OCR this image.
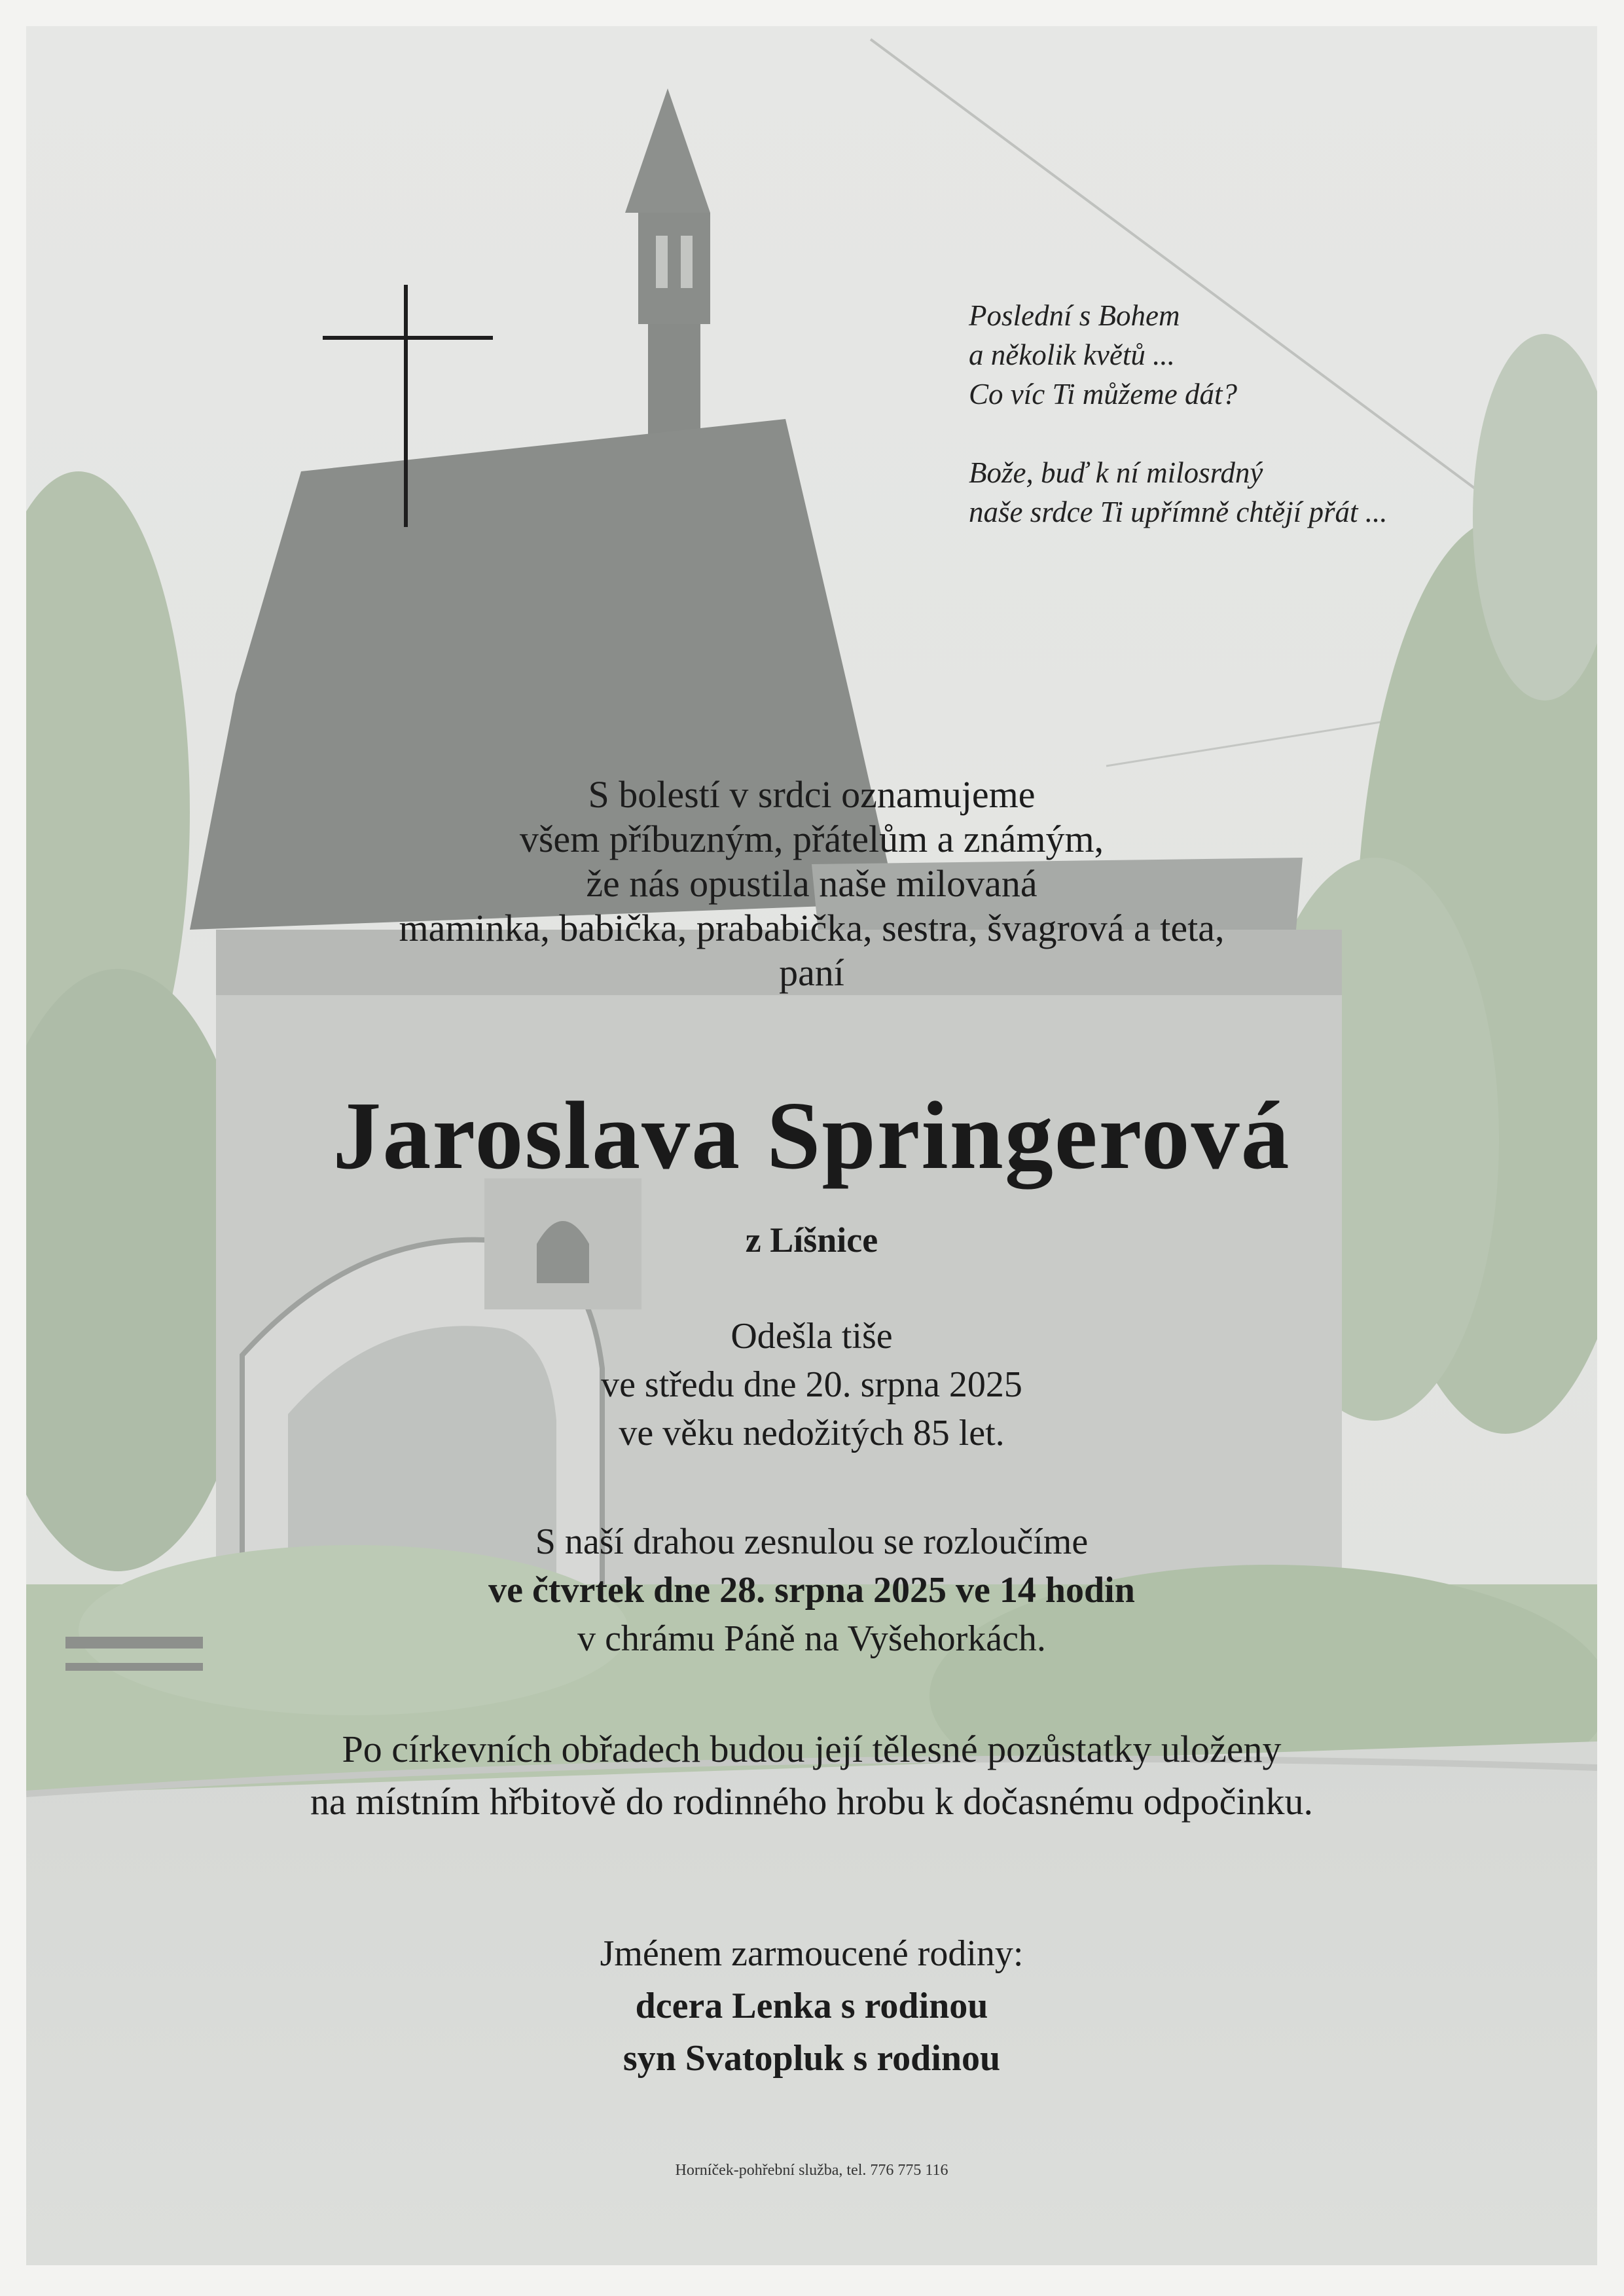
Poslední s Bohem
a několik květů ...
Co víc Ti můžeme dát?
Bože, buď k ní milosrdný
naše srdce Ti upřímně chtějí přát ...
S bolestí v srdci oznamujeme
všem příbuzným, přátelům a známým,
že nás opustila naše milovaná
maminka, babička, prababička, sestra, švagrová a teta,
paní
Jaroslava Springerová
z Líšnice
Odešla tiše
ve středu dne 20. srpna 2025
ve věku nedožitých 85 let.
S naší drahou zesnulou se rozloučíme
ve čtvrtek dne 28. srpna 2025 ve 14 hodin
v chrámu Páně na Vyšehorkách.
Po církevních obřadech budou její tělesné pozůstatky uloženy
na místním hřbitově do rodinného hrobu k dočasnému odpočinku.
Jménem zarmoucené rodiny:
dcera Lenka s rodinou
syn Svatopluk s rodinou
Horníček-pohřební služba, tel. 776 775 116
